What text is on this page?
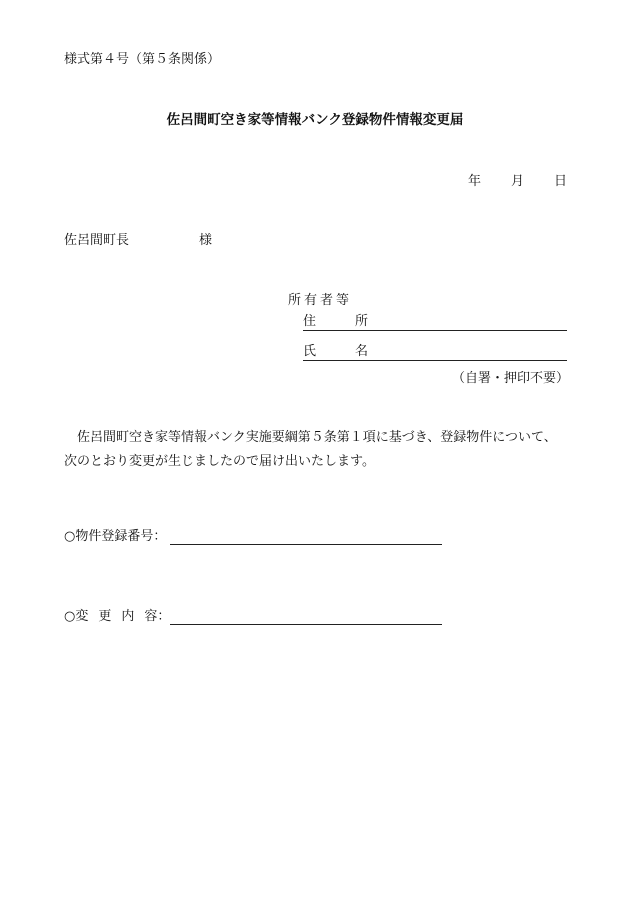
様式第４号（第５条関係）
佐呂間町空き家等情報バンク登録物件情報変更届
年 月 日
佐呂間町長	様
所有者等
住	所
氏	名
（自署・押印不要）

佐呂間町空き家等情報バンク実施要綱第５条第１項に基づき、登録物件について、

次のとおり変更が生じましたので届け出いたします。

○物件登録番号：
○変 更 内 容：
